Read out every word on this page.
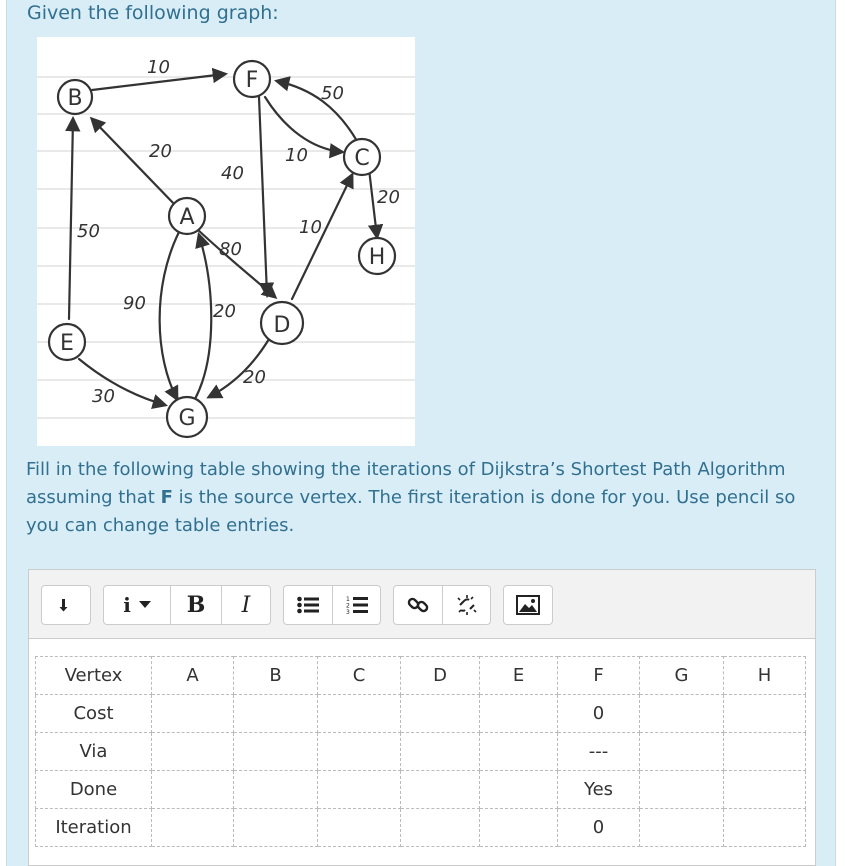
Given the following graph:
B
F
C
A
H
D
E
G
10
50
20
40
10
20
50	10
80
90	20
20
30
Fill in the following table showing the iterations of Dijkstra’s Shortest Path Algorithm assuming that F is the source vertex. The first iteration is done for you. Use pencil so you can change table entries.
i	B	I	1
2
3
Vertex	A	B	C	D	E	F	G	H
Cost						0		
Via						---		
Done						Yes		
Iteration						0		
